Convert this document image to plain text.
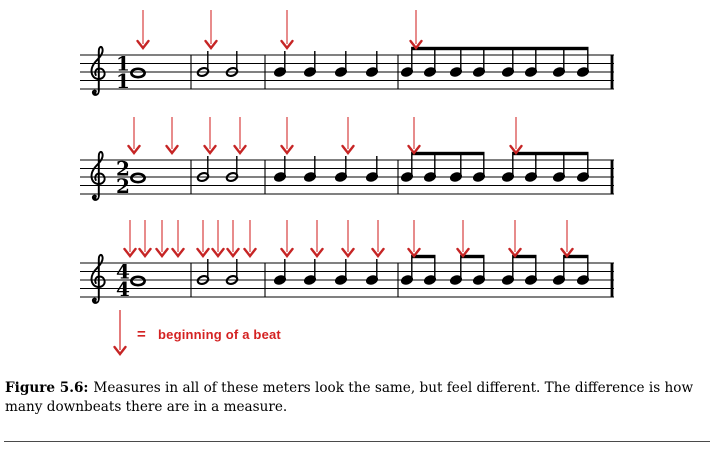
1
1
2
2
4
4
= beginning of a beat

Figure 5.6: Measures in all of these meters look the same, but feel different. The difference is how many downbeats there are in a measure.
